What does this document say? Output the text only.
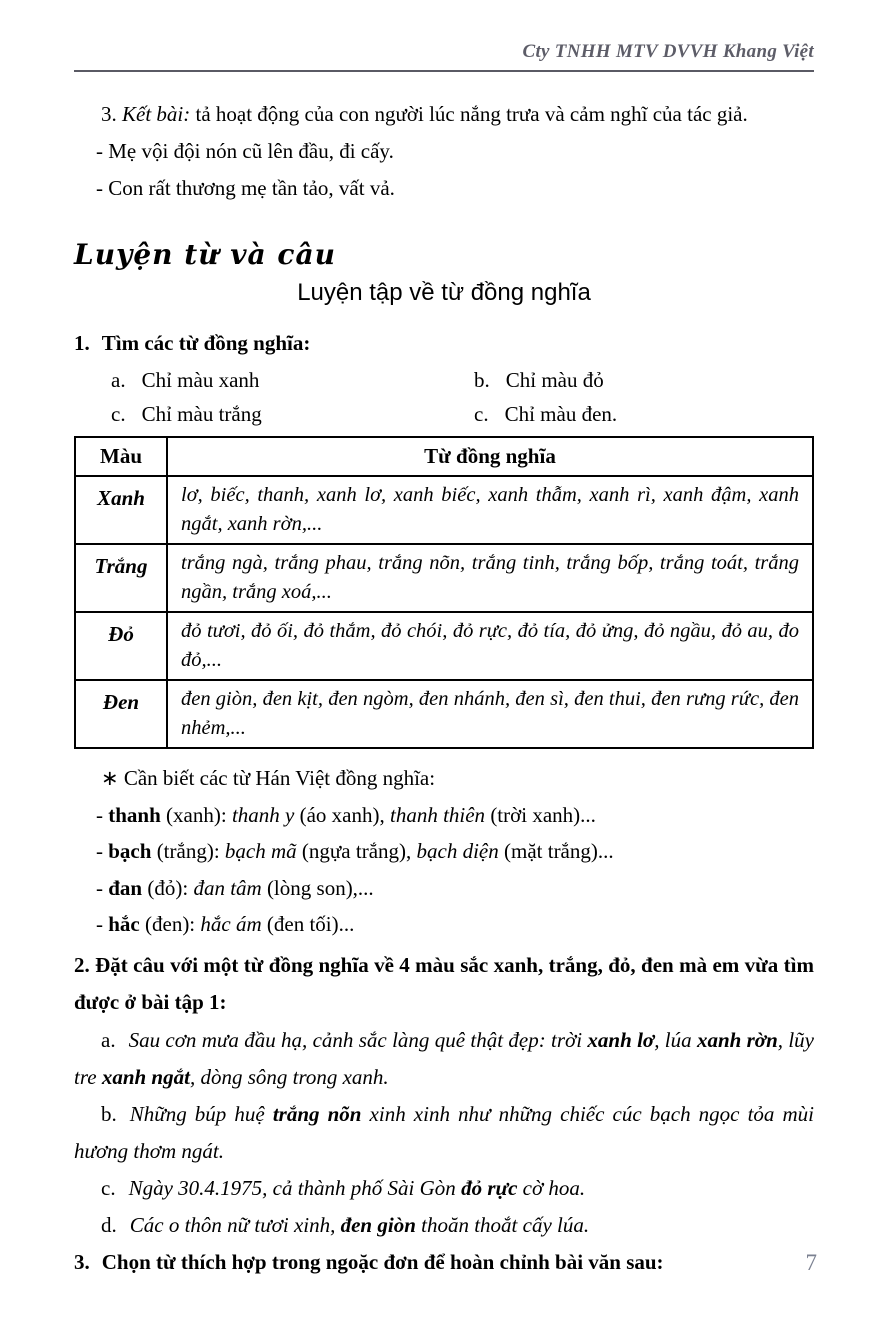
Cty TNHH MTV DVVH Khang Việt

3. Kết bài: tả hoạt động của con người lúc nắng trưa và cảm nghĩ của tác giả.

- Mẹ vội đội nón cũ lên đầu, đi cấy.

- Con rất thương mẹ tần tảo, vất vả.

Luyện từ và câu
Luyện tập về từ đồng nghĩa

1. Tìm các từ đồng nghĩa:

a. Chỉ màu xanh	b. Chỉ màu đỏ

c. Chỉ màu trắng	c. Chỉ màu đen.

Màu	Từ đồng nghĩa
Xanh	lơ, biếc, thanh, xanh lơ, xanh biếc, xanh thẫm, xanh rì, xanh đậm, xanh ngắt, xanh rờn,...
Trắng	trắng ngà, trắng phau, trắng nõn, trắng tinh, trắng bốp, trắng toát, trắng ngần, trắng xoá,...
Đỏ	đỏ tươi, đỏ ối, đỏ thắm, đỏ chói, đỏ rực, đỏ tía, đỏ ửng, đỏ ngầu, đỏ au, đo đỏ,...
Đen	đen giòn, đen kịt, đen ngòm, đen nhánh, đen sì, đen thui, đen rưng rức, đen nhẻm,...

∗ Cần biết các từ Hán Việt đồng nghĩa:

- thanh (xanh): thanh y (áo xanh), thanh thiên (trời xanh)...

- bạch (trắng): bạch mã (ngựa trắng), bạch diện (mặt trắng)...

- đan (đỏ): đan tâm (lòng son),...

- hắc (đen): hắc ám (đen tối)...

2. Đặt câu với một từ đồng nghĩa về 4 màu sắc xanh, trắng, đỏ, đen mà em vừa tìm được ở bài tập 1:

a. Sau cơn mưa đầu hạ, cảnh sắc làng quê thật đẹp: trời xanh lơ, lúa xanh rờn, lũy tre xanh ngắt, dòng sông trong xanh.

b. Những búp huệ trắng nõn xinh xinh như những chiếc cúc bạch ngọc tỏa mùi hương thơm ngát.

c. Ngày 30.4.1975, cả thành phố Sài Gòn đỏ rực cờ hoa.

d. Các o thôn nữ tươi xinh, đen giòn thoăn thoắt cấy lúa.

3. Chọn từ thích hợp trong ngoặc đơn để hoàn chỉnh bài văn sau:	7
